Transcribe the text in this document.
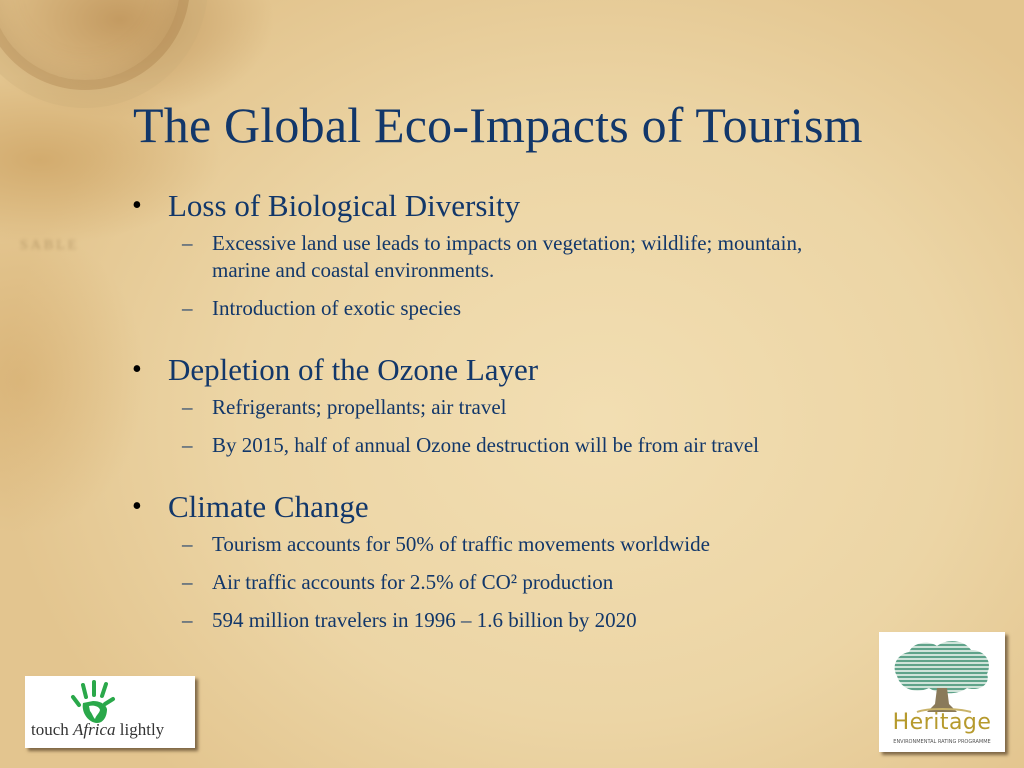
SABLE
The Global Eco-Impacts of Tourism

• Loss of Biological Diversity

– Excessive land use leads to impacts on vegetation; wildlife; mountain, marine and coastal environments.

– Introduction of exotic species

• Depletion of the Ozone Layer

– Refrigerants; propellants; air travel

– By 2015, half of annual Ozone destruction will be from air travel

• Climate Change

– Tourism accounts for 50% of traffic movements worldwide

– Air traffic accounts for 2.5% of CO² production

– 594 million travelers in 1996 – 1.6 billion by 2020

touch Africa lightly	Heritage
ENVIRONMENTAL RATING PROGRAMME
